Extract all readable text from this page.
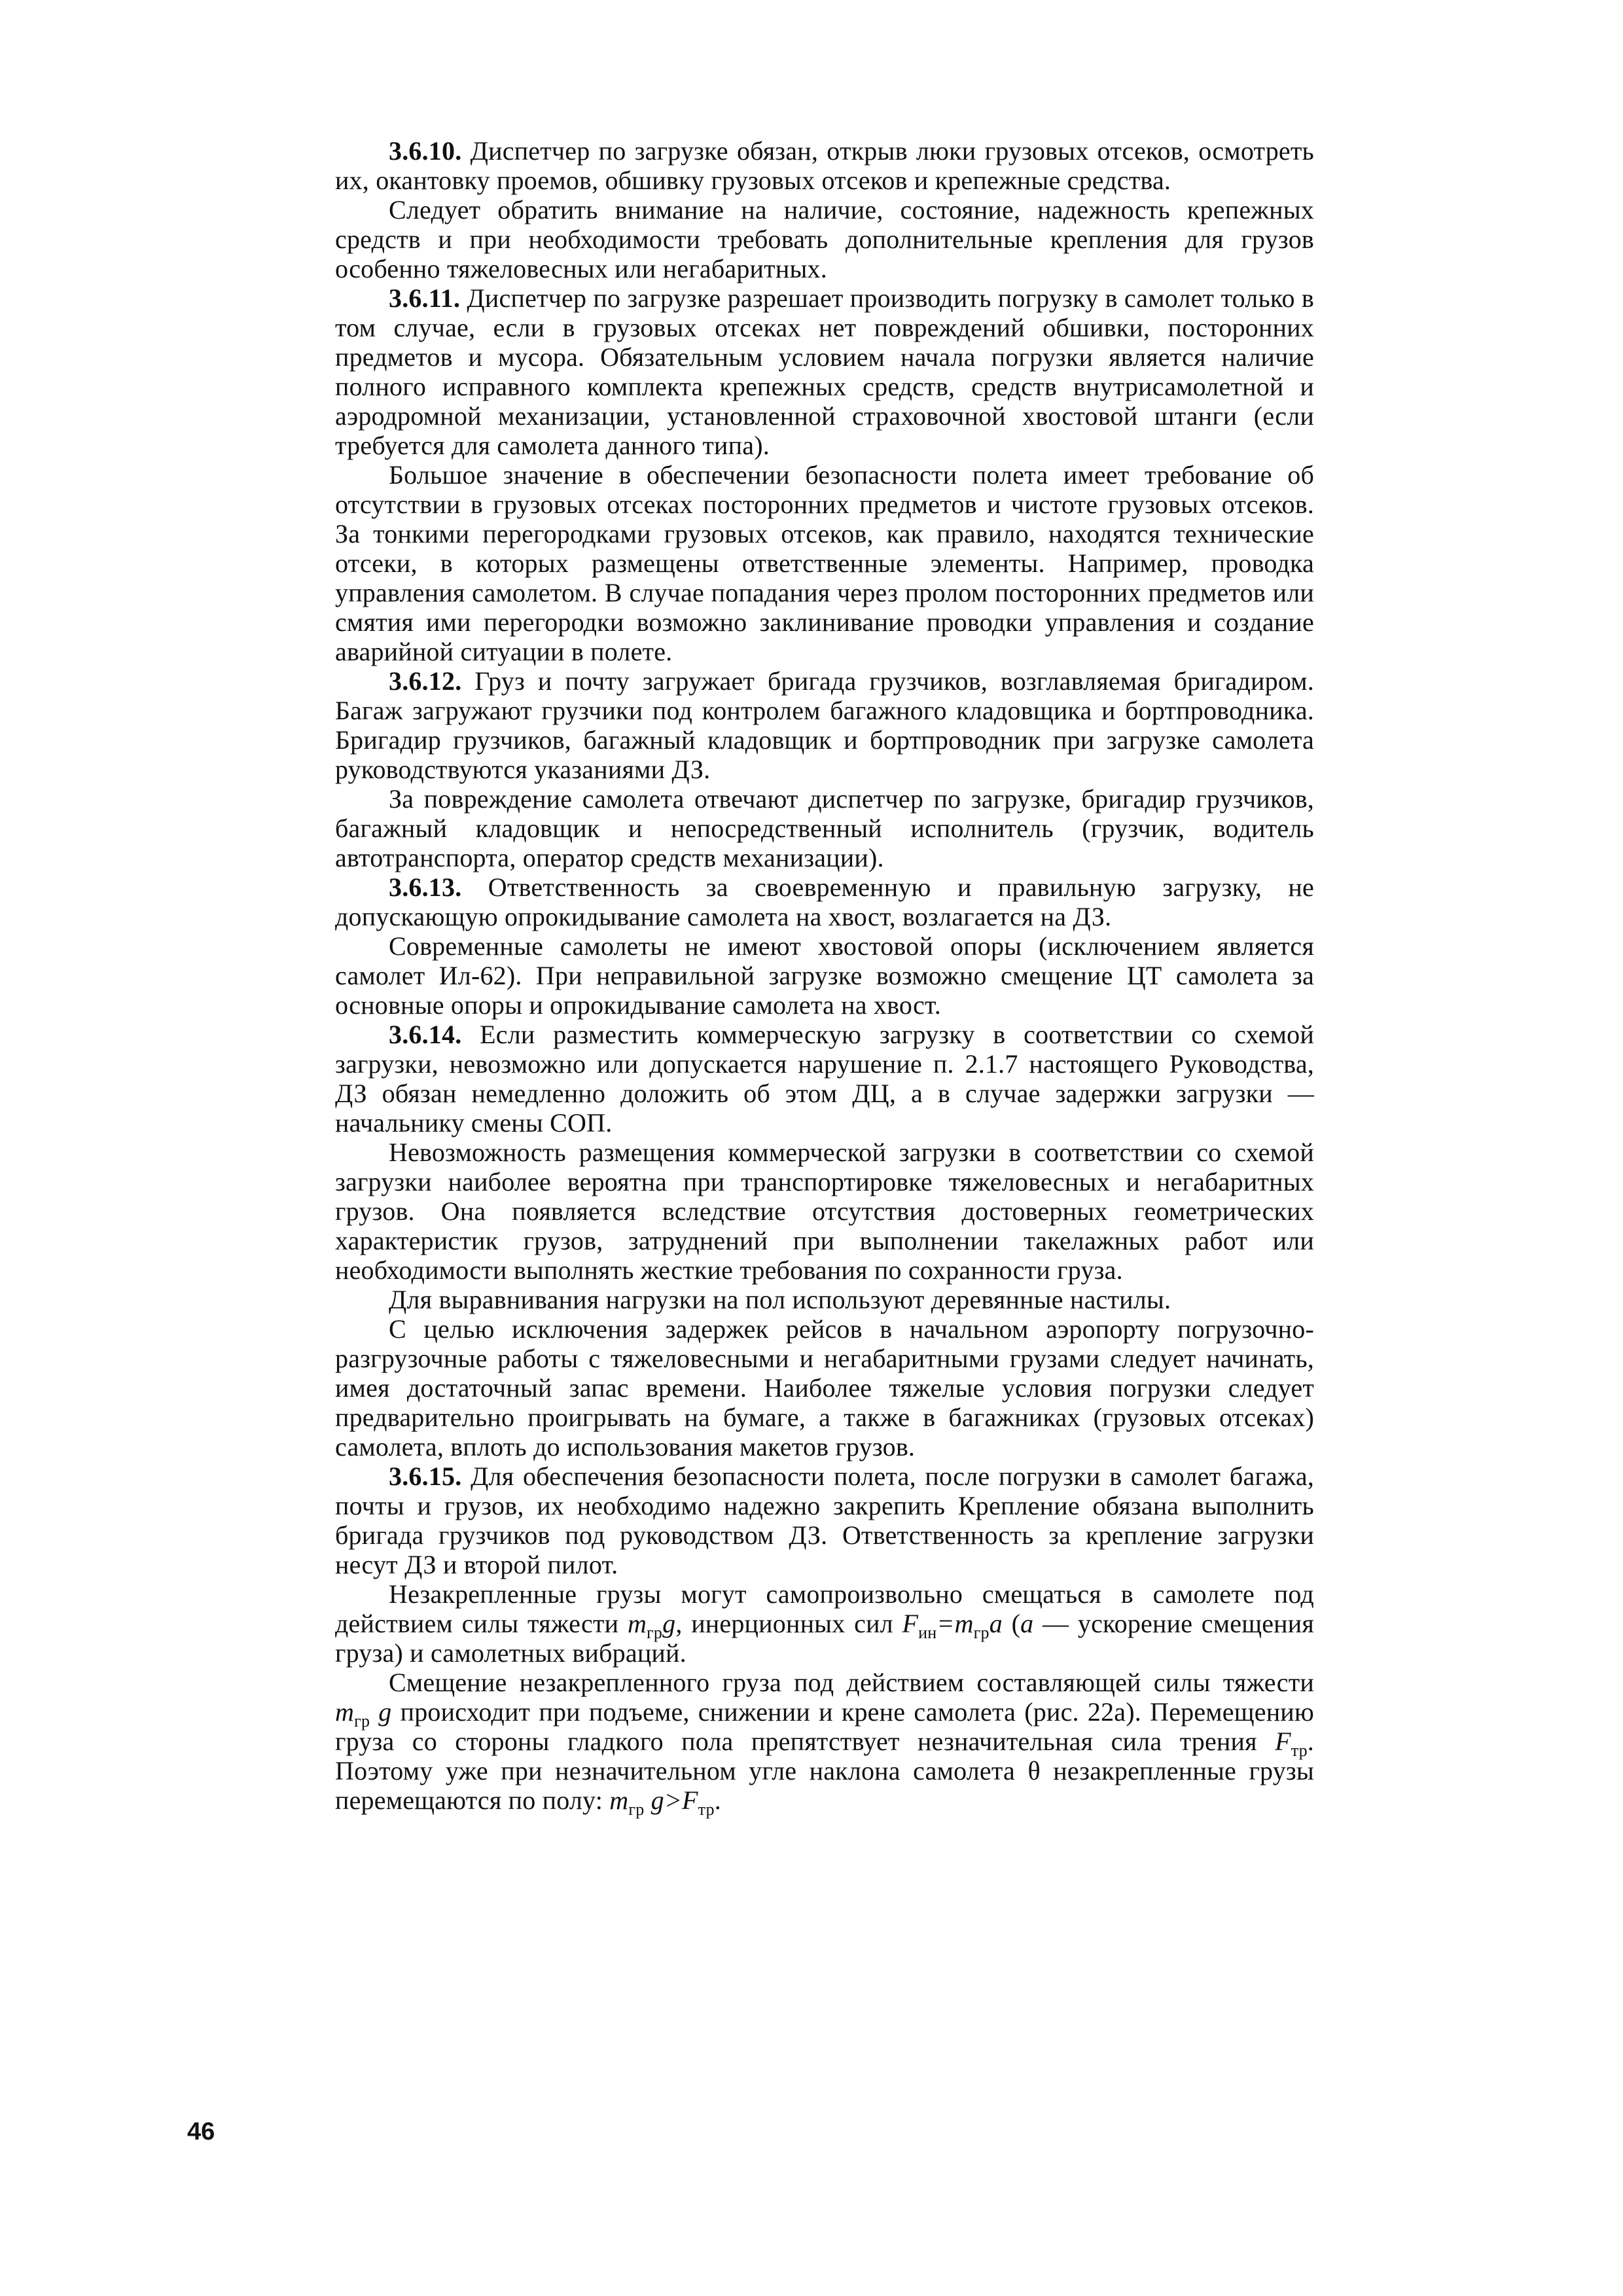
3.6.10. Диспетчер по загрузке обязан, открыв люки грузовых отсеков, осмотреть их, окантовку проемов, обшивку грузовых отсеков и крепежные средства.

Следует обратить внимание на наличие, состояние, надежность крепежных средств и при необходимости требовать дополнительные крепления для грузов особенно тяжеловесных или негабаритных.

3.6.11. Диспетчер по загрузке разрешает производить погрузку в самолет только в том случае, если в грузовых отсеках нет повреждений обшивки, посторонних предметов и мусора. Обязательным условием начала погрузки является наличие полного исправного комплекта крепежных средств, средств внутрисамолетной и аэродромной механизации, установленной страховочной хвостовой штанги (если требуется для самолета данного типа).

Большое значение в обеспечении безопасности полета имеет требование об отсутствии в грузовых отсеках посторонних предметов и чистоте грузовых отсеков. За тонкими перегородками грузовых отсеков, как правило, находятся технические отсеки, в которых размещены ответственные элементы. Например, проводка управления самолетом. В случае попадания через пролом посторонних предметов или смятия ими перегородки возможно заклинивание проводки управления и создание аварийной ситуации в полете.

3.6.12. Груз и почту загружает бригада грузчиков, возглавляемая бригадиром. Багаж загружают грузчики под контролем багажного кладовщика и бортпроводника. Бригадир грузчиков, багажный кладовщик и бортпроводник при загрузке самолета руководствуются указаниями ДЗ.

За повреждение самолета отвечают диспетчер по загрузке, бригадир грузчиков, багажный кладовщик и непосредственный исполнитель (грузчик, водитель автотранспорта, оператор средств механизации).

3.6.13. Ответственность за своевременную и правильную загрузку, не допускающую опрокидывание самолета на хвост, возлагается на ДЗ.

Современные самолеты не имеют хвостовой опоры (исключением является самолет Ил-62). При неправильной загрузке возможно смещение ЦТ самолета за основные опоры и опрокидывание самолета на хвост.

3.6.14. Если разместить коммерческую загрузку в соответствии со схемой загрузки, невозможно или допускается нарушение п. 2.1.7 настоящего Руководства, ДЗ обязан немедленно доложить об этом ДЦ, а в случае задержки загрузки — начальнику смены СОП.

Невозможность размещения коммерческой загрузки в соответствии со схемой загрузки наиболее вероятна при транспортировке тяжеловесных и негабаритных грузов. Она появляется вследствие отсутствия достоверных геометрических характеристик грузов, затруднений при выполнении такелажных работ или необходимости выполнять жесткие требования по сохранности груза.

Для выравнивания нагрузки на пол используют деревянные настилы.

С целью исключения задержек рейсов в начальном аэропорту погрузочно-разгрузочные работы с тяжеловесными и негабаритными грузами следует начинать, имея достаточный запас времени. Наиболее тяжелые условия погрузки следует предварительно проигрывать на бумаге, а также в багажниках (грузовых отсеках) самолета, вплоть до использования макетов грузов.

3.6.15. Для обеспечения безопасности полета, после погрузки в самолет багажа, почты и грузов, их необходимо надежно закрепить Крепление обязана выполнить бригада грузчиков под руководством ДЗ. Ответственность за крепление загрузки несут ДЗ и второй пилот.

Незакрепленные грузы могут самопроизвольно смещаться в самолете под действием силы тяжести $m_{гр}g$, инерционных сил $F_{ин}=m_{гр}a$ (a — ускорение смещения груза) и самолетных вибраций.

Смещение незакрепленного груза под действием составляющей силы тяжести $m_{гр}$ g происходит при подъеме, снижении и крене самолета (рис. 22а). Перемещению груза со стороны гладкого пола препятствует незначительная сила трения $F_{тр}$. Поэтому уже при незначительном угле наклона самолета θ незакрепленные грузы перемещаются по полу: $m_{гр}$ $g>F_{тр}$.

46
